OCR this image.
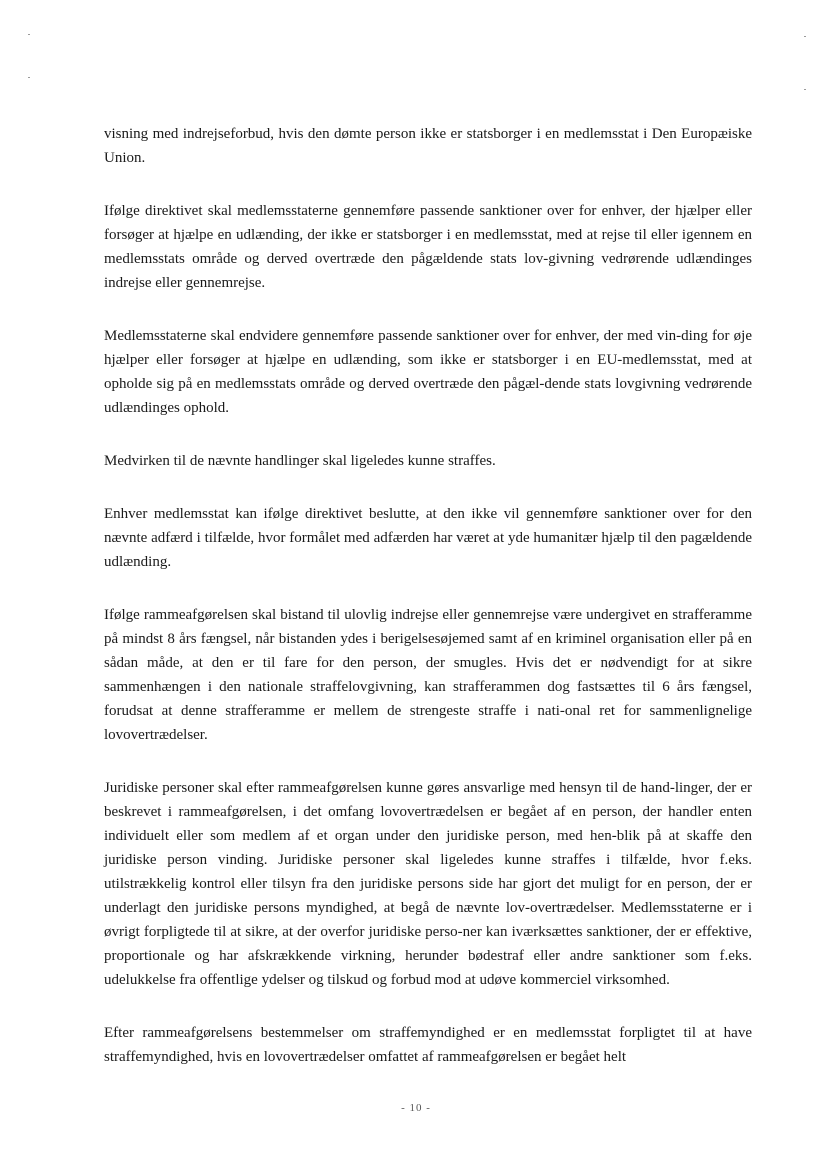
visning med indrejseforbud, hvis den dømte person ikke er statsborger i en medlemsstat i Den Europæiske Union.

Ifølge direktivet skal medlemsstaterne gennemføre passende sanktioner over for enhver, der hjælper eller forsøger at hjælpe en udlænding, der ikke er statsborger i en medlemsstat, med at rejse til eller igennem en medlemsstats område og derved overtræde den pågældende stats lov-givning vedrørende udlændinges indrejse eller gennemrejse.

Medlemsstaterne skal endvidere gennemføre passende sanktioner over for enhver, der med vin-ding for øje hjælper eller forsøger at hjælpe en udlænding, som ikke er statsborger i en EU-medlemsstat, med at opholde sig på en medlemsstats område og derved overtræde den pågæl-dende stats lovgivning vedrørende udlændinges ophold.

Medvirken til de nævnte handlinger skal ligeledes kunne straffes.

Enhver medlemsstat kan ifølge direktivet beslutte, at den ikke vil gennemføre sanktioner over for den nævnte adfærd i tilfælde, hvor formålet med adfærden har været at yde humanitær hjælp til den pagældende udlænding.

Ifølge rammeafgørelsen skal bistand til ulovlig indrejse eller gennemrejse være undergivet en strafferamme på mindst 8 års fængsel, når bistanden ydes i berigelsesøjemed samt af en kriminel organisation eller på en sådan måde, at den er til fare for den person, der smugles. Hvis det er nødvendigt for at sikre sammenhængen i den nationale straffelovgivning, kan strafferammen dog fastsættes til 6 års fængsel, forudsat at denne strafferamme er mellem de strengeste straffe i nati-onal ret for sammenlignelige lovovertrædelser.

Juridiske personer skal efter rammeafgørelsen kunne gøres ansvarlige med hensyn til de hand-linger, der er beskrevet i rammeafgørelsen, i det omfang lovovertrædelsen er begået af en person, der handler enten individuelt eller som medlem af et organ under den juridiske person, med hen-blik på at skaffe den juridiske person vinding. Juridiske personer skal ligeledes kunne straffes i tilfælde, hvor f.eks. utilstrækkelig kontrol eller tilsyn fra den juridiske persons side har gjort det muligt for en person, der er underlagt den juridiske persons myndighed, at begå de nævnte lov-overtrædelser. Medlemsstaterne er i øvrigt forpligtede til at sikre, at der overfor juridiske perso-ner kan iværksættes sanktioner, der er effektive, proportionale og har afskrækkende virkning, herunder bødestraf eller andre sanktioner som f.eks. udelukkelse fra offentlige ydelser og tilskud og forbud mod at udøve kommerciel virksomhed.

Efter rammeafgørelsens bestemmelser om straffemyndighed er en medlemsstat forpligtet til at have straffemyndighed, hvis en lovovertrædelser omfattet af rammeafgørelsen er begået helt

- 10 -
